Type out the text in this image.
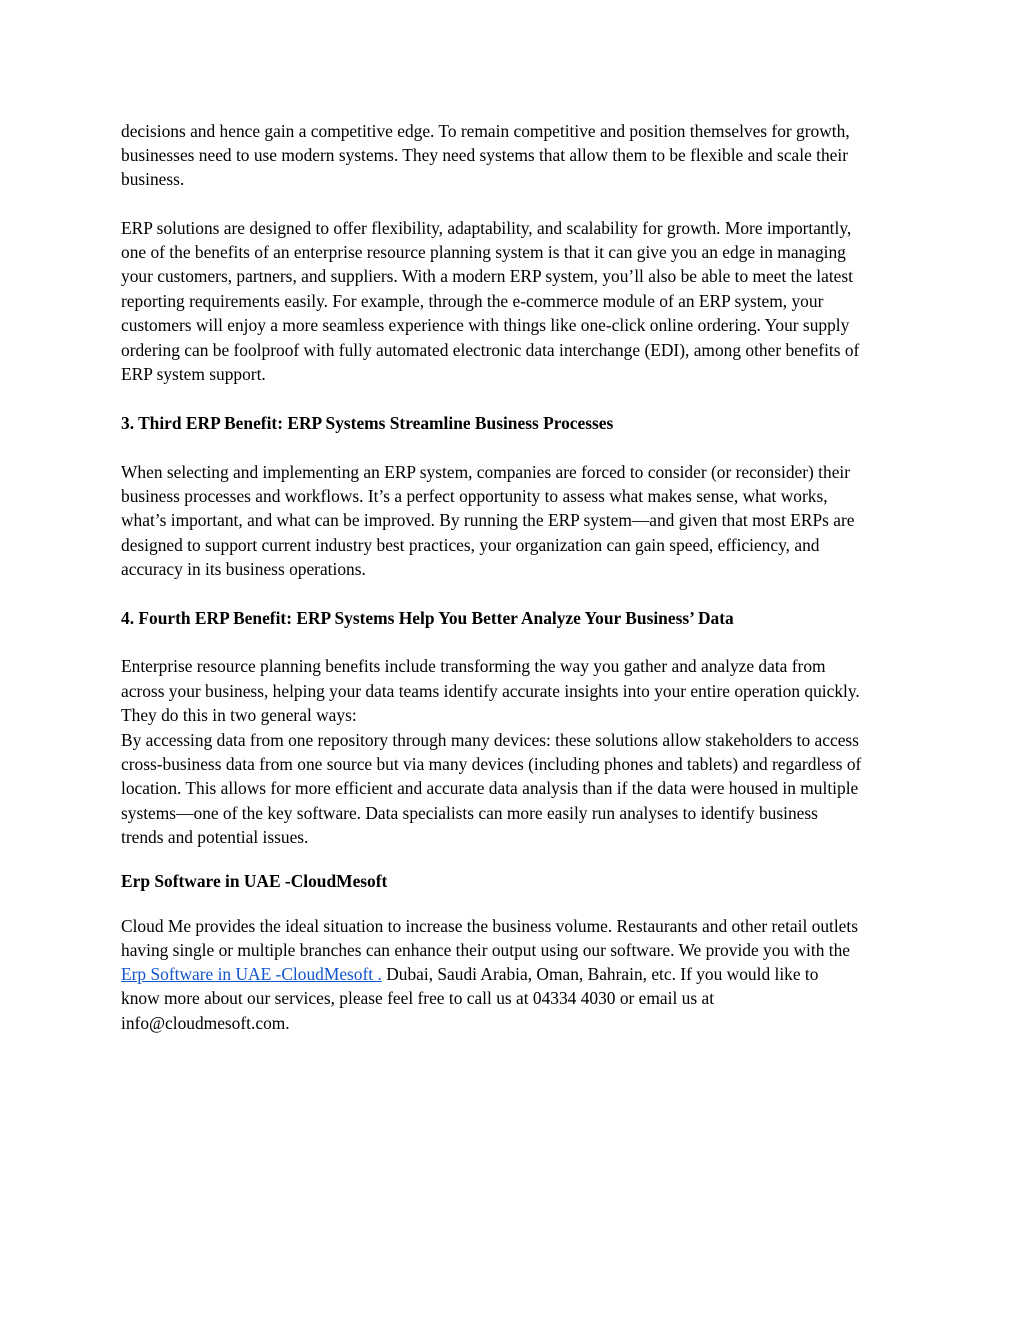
decisions and hence gain a competitive edge. To remain competitive and position themselves for growth,
businesses need to use modern systems. They need systems that allow them to be flexible and scale their
business.
ERP solutions are designed to offer flexibility, adaptability, and scalability for growth. More importantly,
one of the benefits of an enterprise resource planning system is that it can give you an edge in managing
your customers, partners, and suppliers. With a modern ERP system, you’ll also be able to meet the latest
reporting requirements easily. For example, through the e-commerce module of an ERP system, your
customers will enjoy a more seamless experience with things like one-click online ordering. Your supply
ordering can be foolproof with fully automated electronic data interchange (EDI), among other benefits of
ERP system support.
3. Third ERP Benefit: ERP Systems Streamline Business Processes
When selecting and implementing an ERP system, companies are forced to consider (or reconsider) their
business processes and workflows. It’s a perfect opportunity to assess what makes sense, what works,
what’s important, and what can be improved. By running the ERP system—and given that most ERPs are
designed to support current industry best practices, your organization can gain speed, efficiency, and
accuracy in its business operations.
4. Fourth ERP Benefit: ERP Systems Help You Better Analyze Your Business’ Data
Enterprise resource planning benefits include transforming the way you gather and analyze data from
across your business, helping your data teams identify accurate insights into your entire operation quickly.
They do this in two general ways:
By accessing data from one repository through many devices: these solutions allow stakeholders to access
cross-business data from one source but via many devices (including phones and tablets) and regardless of
location. This allows for more efficient and accurate data analysis than if the data were housed in multiple
systems—one of the key software. Data specialists can more easily run analyses to identify business
trends and potential issues.
Erp Software in UAE -CloudMesoft
Cloud Me provides the ideal situation to increase the business volume. Restaurants and other retail outlets
having single or multiple branches can enhance their output using our software. We provide you with the
Erp Software in UAE -CloudMesoft . Dubai, Saudi Arabia, Oman, Bahrain, etc. If you would like to
know more about our services, please feel free to call us at 04334 4030 or email us at
info@cloudmesoft.com.
